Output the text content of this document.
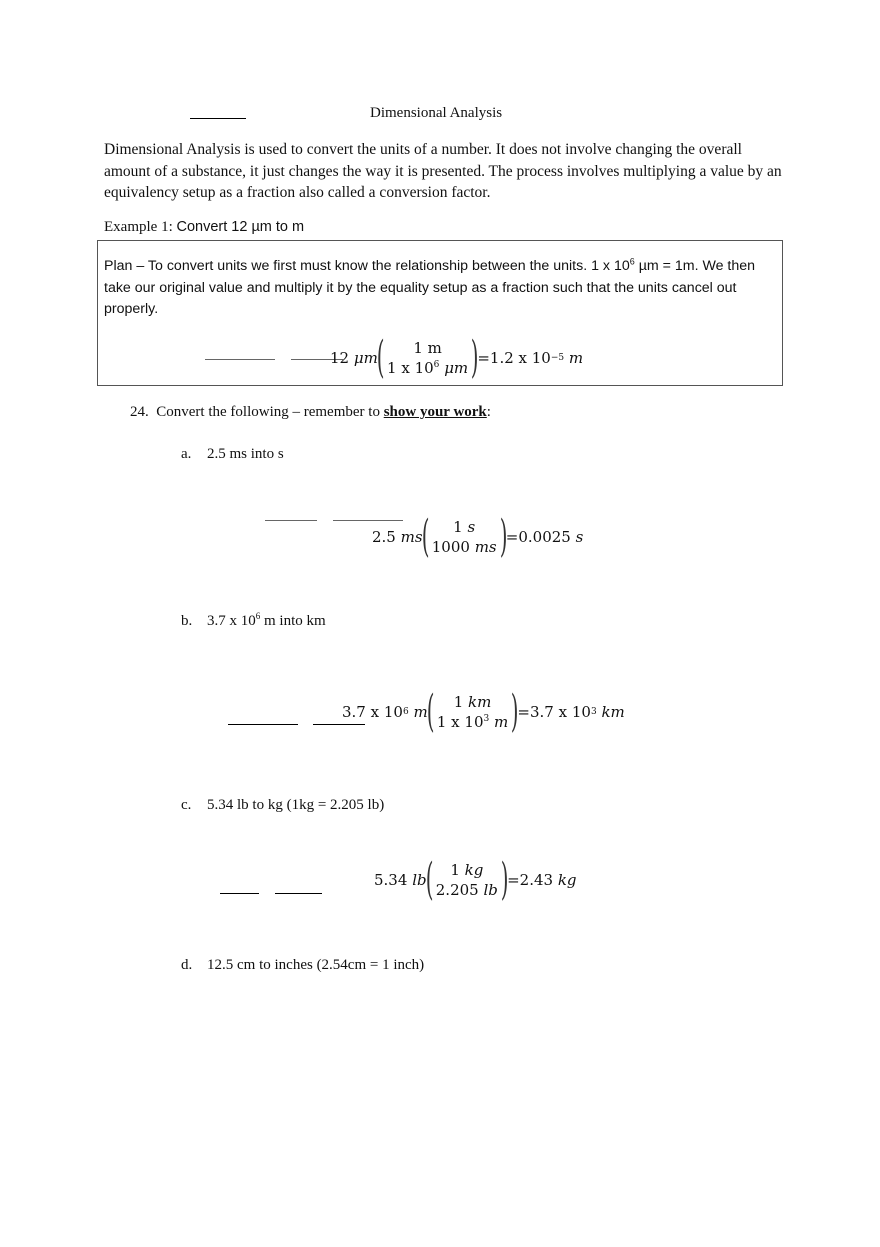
Dimensional Analysis
Dimensional Analysis is used to convert the units of a number. It does not involve changing the overall amount of a substance, it just changes the way it is presented. The process involves multiplying a value by an equivalency setup as a fraction also called a conversion factor.
Example 1: Convert 12 µm to m
Plan – To convert units we first must know the relationship between the units. 1 x $10^6$ µm = 1m. We then take our original value and multiply it by the equality setup as a fraction such that the units cancel out properly.
12
μm
( 1 m
1 x $10^6$ μm )
=1.2 x 10 −5
m
24. Convert the following – remember to show your work:
a. 2.5 ms into s
2.5
ms
( 1 s
1000 ms )
=0.0025
s
b. 3.7 x $10^6$ m into km
3.7 x 10 6
m
( 1 km
1 x $10^3$ m )
=3.7 x 10 3
km
c. 5.34 lb to kg (1kg = 2.205 lb)
5.34
lb
( 1 kg
2.205 lb )
=2.43
kg
d. 12.5 cm to inches (2.54cm = 1 inch)
